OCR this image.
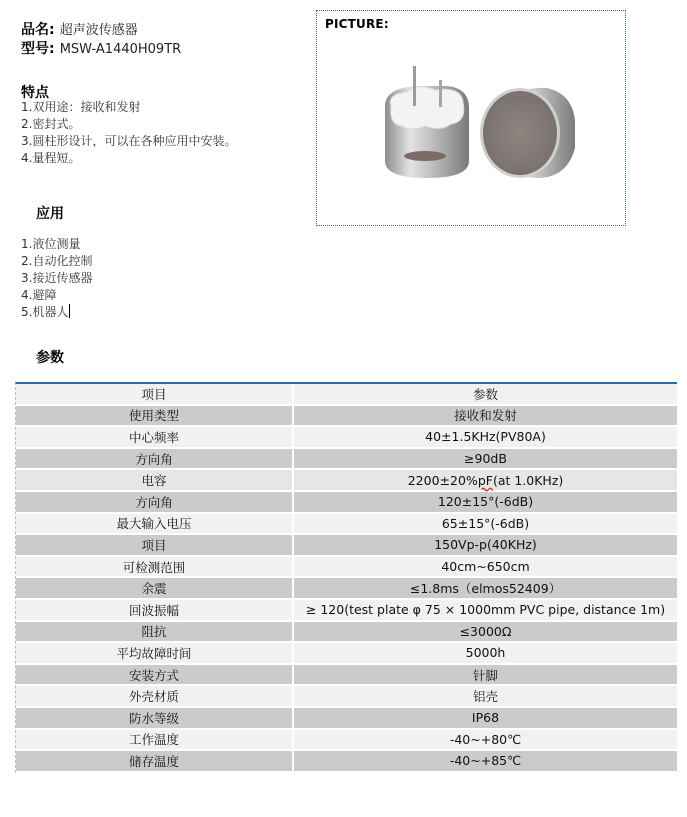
品名: 超声波传感器
型号: MSW-A1440H09TR
特点
1.双用途：接收和发射
2.密封式。
3.圆柱形设计，可以在各种应用中安装。
4.量程短。
应用
1.液位测量
2.自动化控制
3.接近传感器
4.避障
5.机器人
参数
PICTURE:
项目	参数
使用类型	接收和发射
中心频率	40±1.5KHz(PV80A)
方向角	≥90dB
电容	2200±20% pF (at 1.0KHz)
方向角	120±15°(-6dB)
最大输入电压	65±15°(-6dB)
项目	150Vp-p(40KHz)
可检测范围	40cm~650cm
余震	≤1.8ms（elmos52409）
回波振幅	≥ 120(test plate φ 75 × 1000mm PVC pipe, distance 1m)
阻抗	≤3000Ω
平均故障时间	5000h
安装方式	针脚
外壳材质	铝壳
防水等级	IP68
工作温度	-40~+80℃
储存温度	-40~+85℃
